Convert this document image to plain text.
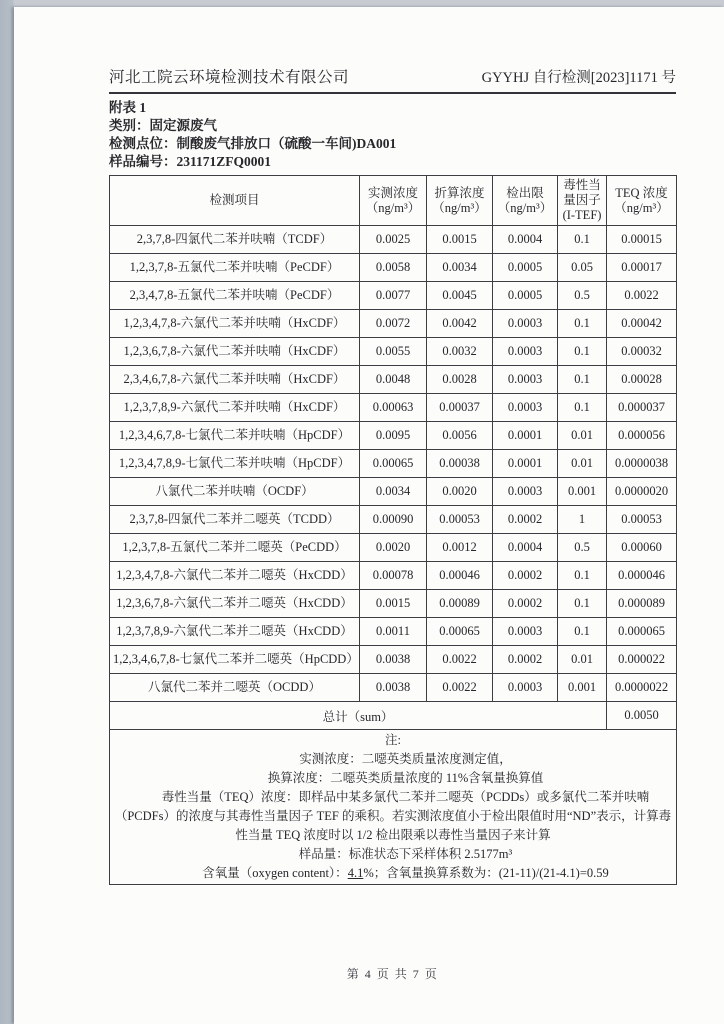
河北工院云环境检测技术有限公司	GYYHJ 自行检测[2023]1171 号
附表 1
类别：固定源废气
检测点位：制酸废气排放口（硫酸一车间)DA001
样品编号：231171ZFQ0001
检测项目	实测浓度 （ng/m³）	折算浓度 （ng/m³）	检出限 （ng/m³）	毒性当量因子 (I-TEF)	TEQ 浓度 （ng/m³）
2,3,7,8-四氯代二苯并呋喃（TCDF）	0.0025	0.0015	0.0004	0.1	0.00015
1,2,3,7,8-五氯代二苯并呋喃（PeCDF）	0.0058	0.0034	0.0005	0.05	0.00017
2,3,4,7,8-五氯代二苯并呋喃（PeCDF）	0.0077	0.0045	0.0005	0.5	0.0022
1,2,3,4,7,8-六氯代二苯并呋喃（HxCDF）	0.0072	0.0042	0.0003	0.1	0.00042
1,2,3,6,7,8-六氯代二苯并呋喃（HxCDF）	0.0055	0.0032	0.0003	0.1	0.00032
2,3,4,6,7,8-六氯代二苯并呋喃（HxCDF）	0.0048	0.0028	0.0003	0.1	0.00028
1,2,3,7,8,9-六氯代二苯并呋喃（HxCDF）	0.00063	0.00037	0.0003	0.1	0.000037
1,2,3,4,6,7,8-七氯代二苯并呋喃（HpCDF）	0.0095	0.0056	0.0001	0.01	0.000056
1,2,3,4,7,8,9-七氯代二苯并呋喃（HpCDF）	0.00065	0.00038	0.0001	0.01	0.0000038
八氯代二苯并呋喃（OCDF）	0.0034	0.0020	0.0003	0.001	0.0000020
2,3,7,8-四氯代二苯并二噁英（TCDD）	0.00090	0.00053	0.0002	1	0.00053
1,2,3,7,8-五氯代二苯并二噁英（PeCDD）	0.0020	0.0012	0.0004	0.5	0.00060
1,2,3,4,7,8-六氯代二苯并二噁英（HxCDD）	0.00078	0.00046	0.0002	0.1	0.000046
1,2,3,6,7,8-六氯代二苯并二噁英（HxCDD）	0.0015	0.00089	0.0002	0.1	0.000089
1,2,3,7,8,9-六氯代二苯并二噁英（HxCDD）	0.0011	0.00065	0.0003	0.1	0.000065
1,2,3,4,6,7,8-七氯代二苯并二噁英（HpCDD）	0.0038	0.0022	0.0002	0.01	0.000022
八氯代二苯并二噁英（OCDD）	0.0038	0.0022	0.0003	0.001	0.0000022
总计（sum）					0.0050

注:

实测浓度：二噁英类质量浓度测定值，

换算浓度：二噁英类质量浓度的 11%含氧量换算值

毒性当量（TEQ）浓度：即样品中某多氯代二苯并二噁英（PCDDs）或多氯代二苯并呋喃（PCDFs）的浓度与其毒性当量因子 TEF 的乘积。若实测浓度值小于检出限值时用“ND”表示，计算毒性当量 TEQ 浓度时以 1/2 检出限乘以毒性当量因子来计算

样品量：标准状态下采样体积 2.5177m³

含氧量（oxygen content）：4.1%；含氧量换算系数为：(21-11)/(21-4.1)=0.59

第 4 页 共 7 页
